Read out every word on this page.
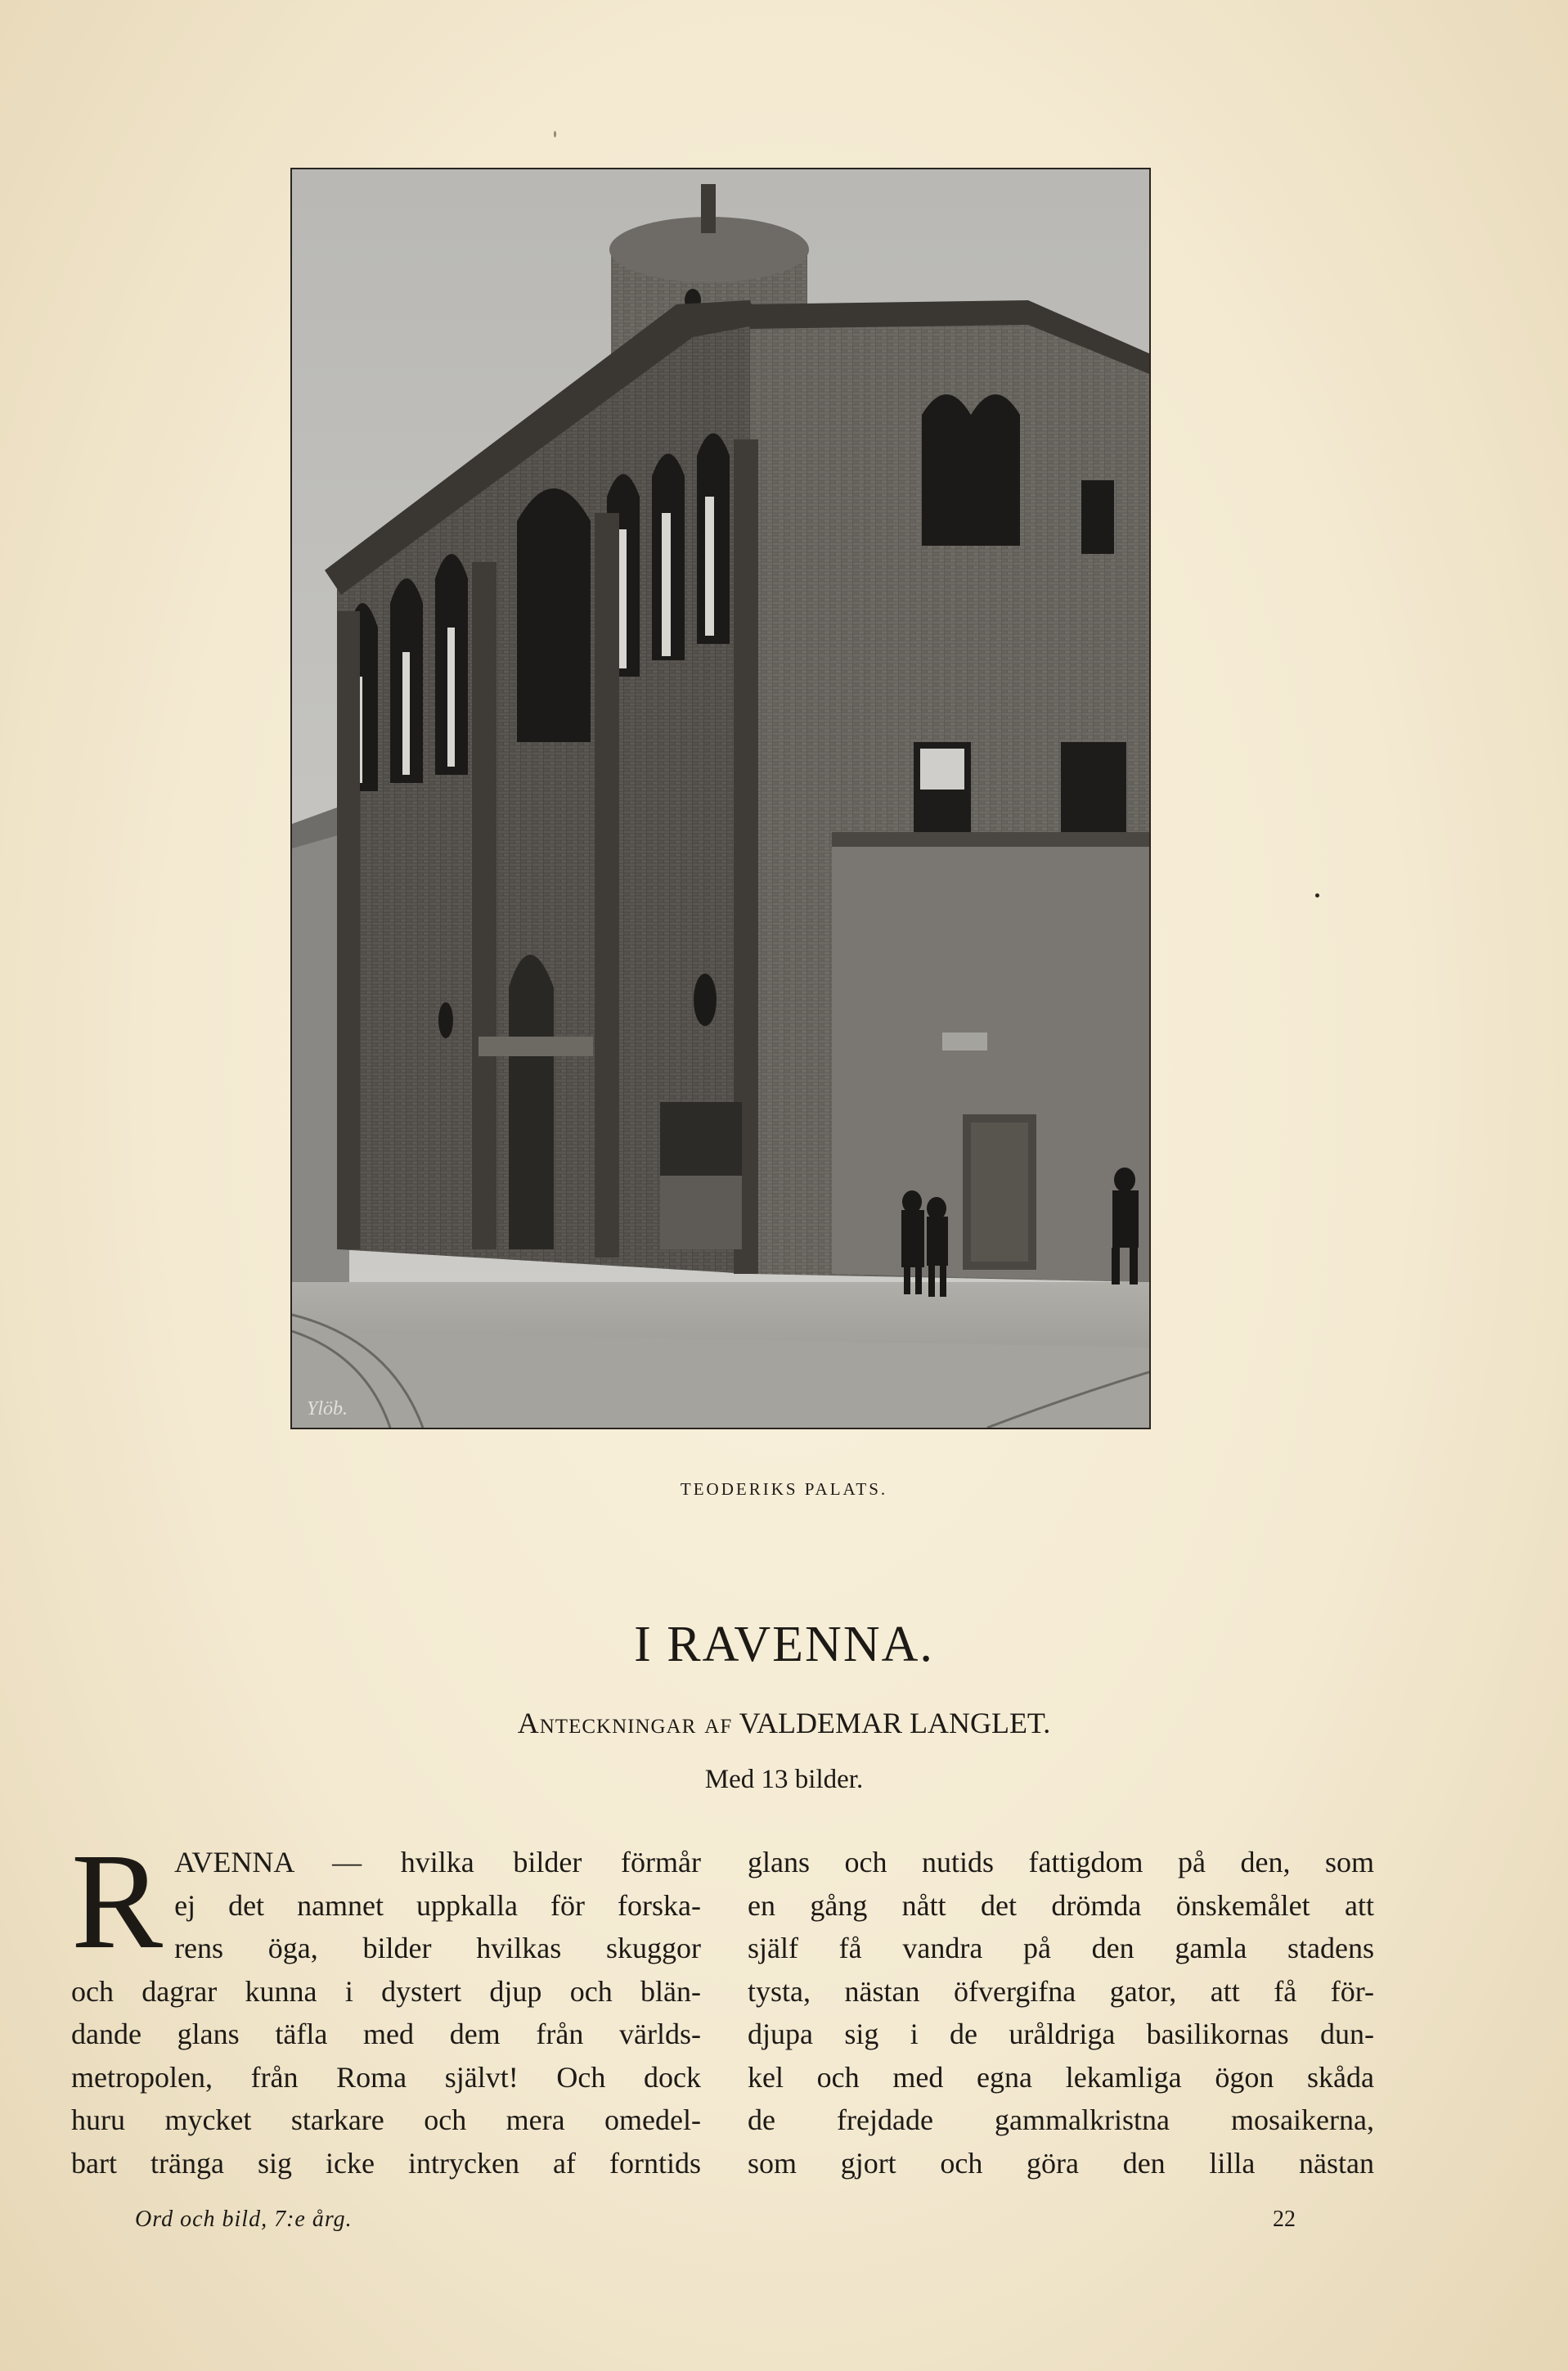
Ylöb.
TEODERIKS PALATS.
I RAVENNA.
Anteckningar af VALDEMAR LANGLET.
Med 13 bilder.
R AVENNA — hvilka bilder förmår
ej det namnet uppkalla för forska-
rens öga, bilder hvilkas skuggor
och dagrar kunna i dystert djup och blän-
dande glans täfla med dem från världs-
metropolen, från Roma självt! Och dock
huru mycket starkare och mera omedel-
bart tränga sig icke intrycken af forntids
glans och nutids fattigdom på den, som
en gång nått det drömda önskemålet att
själf få vandra på den gamla stadens
tysta, nästan öfvergifna gator, att få för-
djupa sig i de uråldriga basilikornas dun-
kel och med egna lekamliga ögon skåda
de frejdade gammalkristna mosaikerna,
som gjort och göra den lilla nästan
Ord och bild, 7:e årg.	22
